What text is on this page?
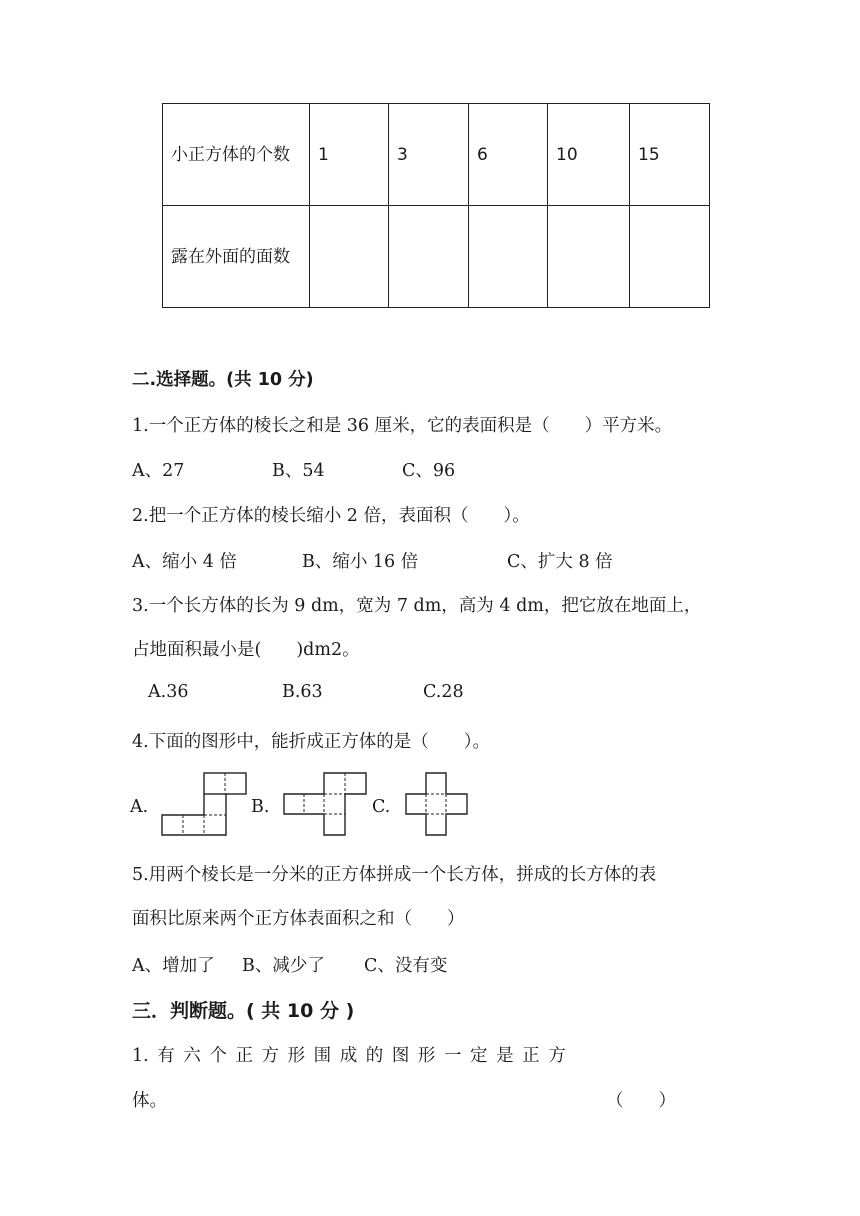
小正方体的个数	1	3	6	10	15
露在外面的面数					
二.选择题。(共 10 分)
1.一个正方体的棱长之和是 36 厘米，它的表面积是（　　）平方米。
A、27	B、54	C、96
2.把一个正方体的棱长缩小 2 倍，表面积（　　）。
A、缩小 4 倍	B、缩小 16 倍	C、扩大 8 倍
3.一个长方体的长为 9 dm，宽为 7 dm，高为 4 dm，把它放在地面上，
占地面积最小是(　　)dm2。
A.36	B.63	C.28
4.下面的图形中，能折成正方体的是（　　）。
A.	B.	C.
5.用两个棱长是一分米的正方体拼成一个长方体，拼成的长方体的表
面积比原来两个正方体表面积之和（　　）
A、增加了 B、减少了 C、没有变
三．判断题。( 共 10 分 )
1. 有 六 个 正 方 形 围 成 的 图 形 一 定 是 正 方
体。	（　　）
